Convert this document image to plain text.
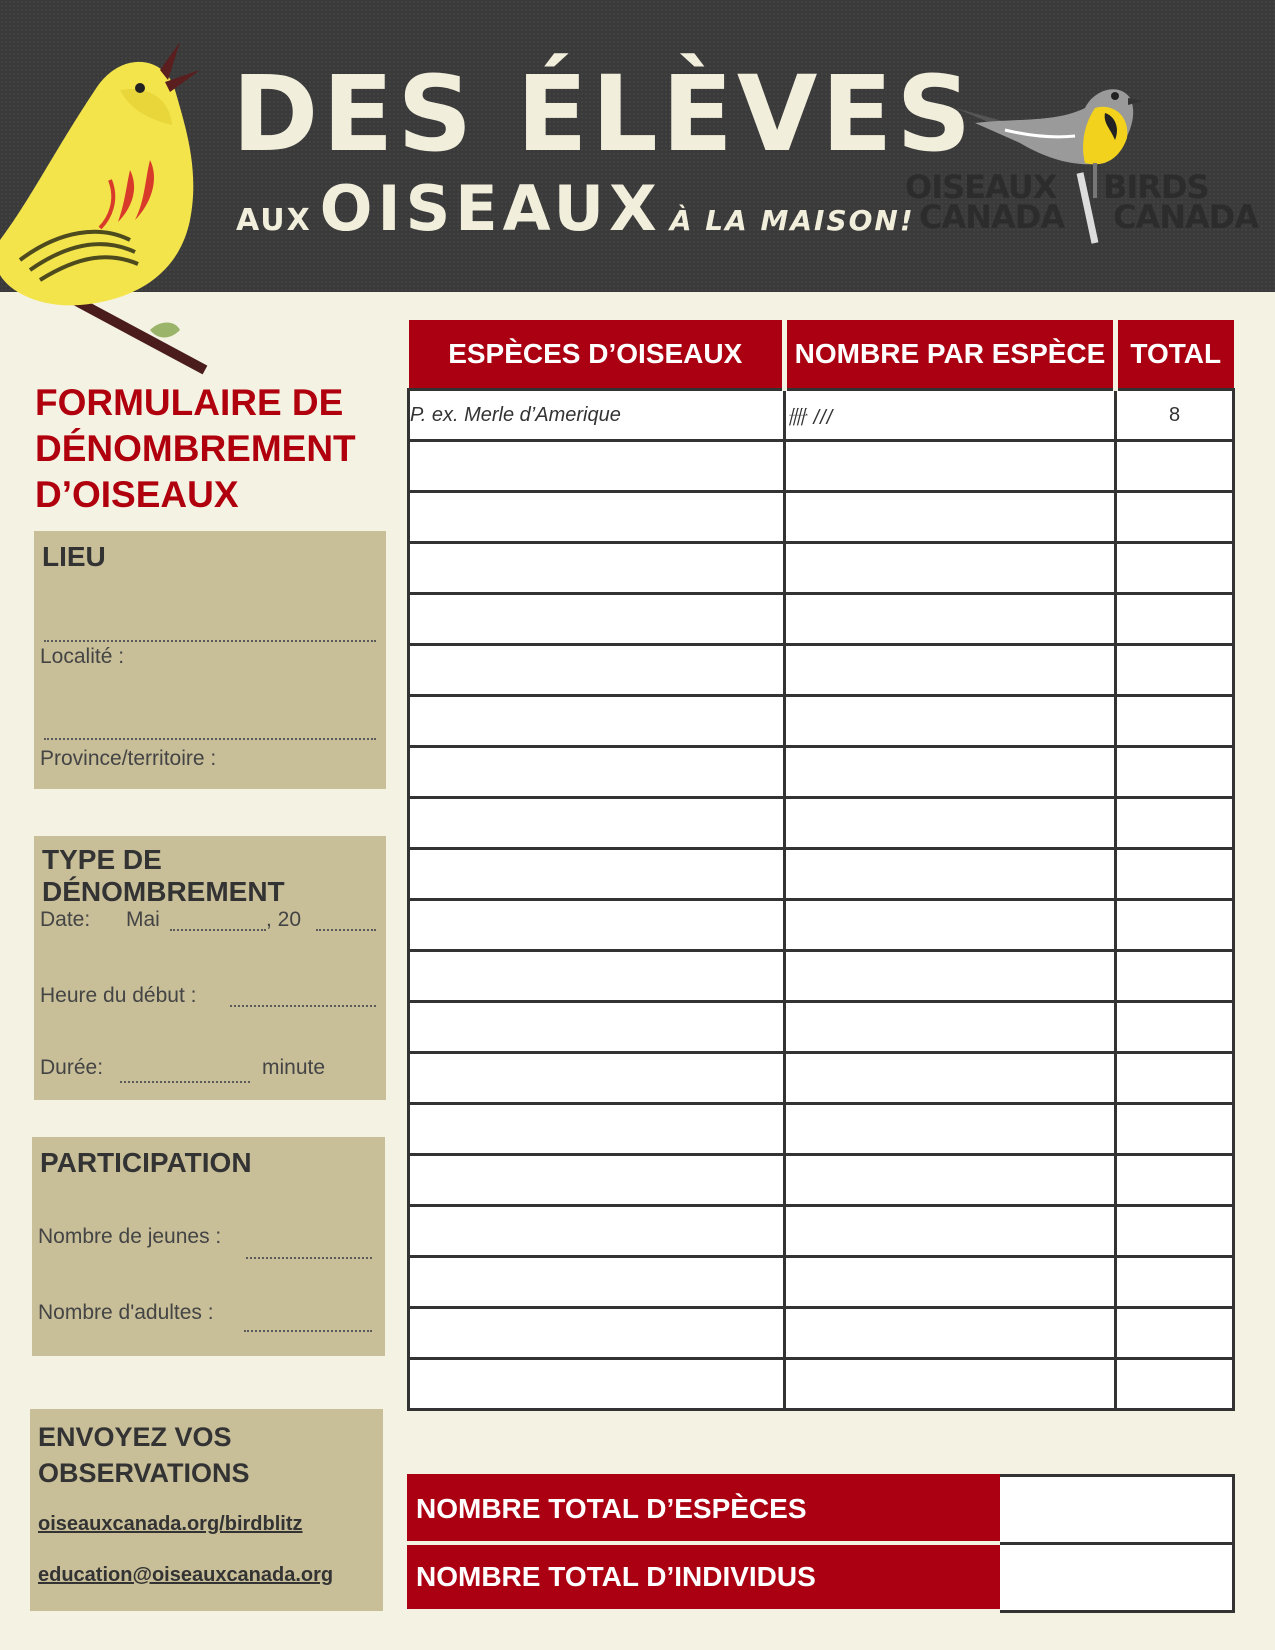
DES ÉLÈVES
AUX OISEAUX À LA MAISON!
OISEAUX
CANADA
BIRDS
CANADA
FORMULAIRE DE
DÉNOMBREMENT
D’OISEAUX
LIEU
Localité :
Province/territoire :
TYPE DE DÉNOMBREMENT
Date: Mai	, 20
Heure du début :
Durée:	minute
PARTICIPATION
Nombre de jeunes :
Nombre d'adultes :
ENVOYEZ VOS
OBSERVATIONS
oiseauxcanada.org/birdblitz
education@oiseauxcanada.org
ESPÈCES D’OISEAUX	NOMBRE PAR ESPÈCE	TOTAL
P. ex. Merle d’Amerique	卌 ///	8

NOMBRE TOTAL D’ESPÈCES	
NOMBRE TOTAL D’INDIVIDUS	
